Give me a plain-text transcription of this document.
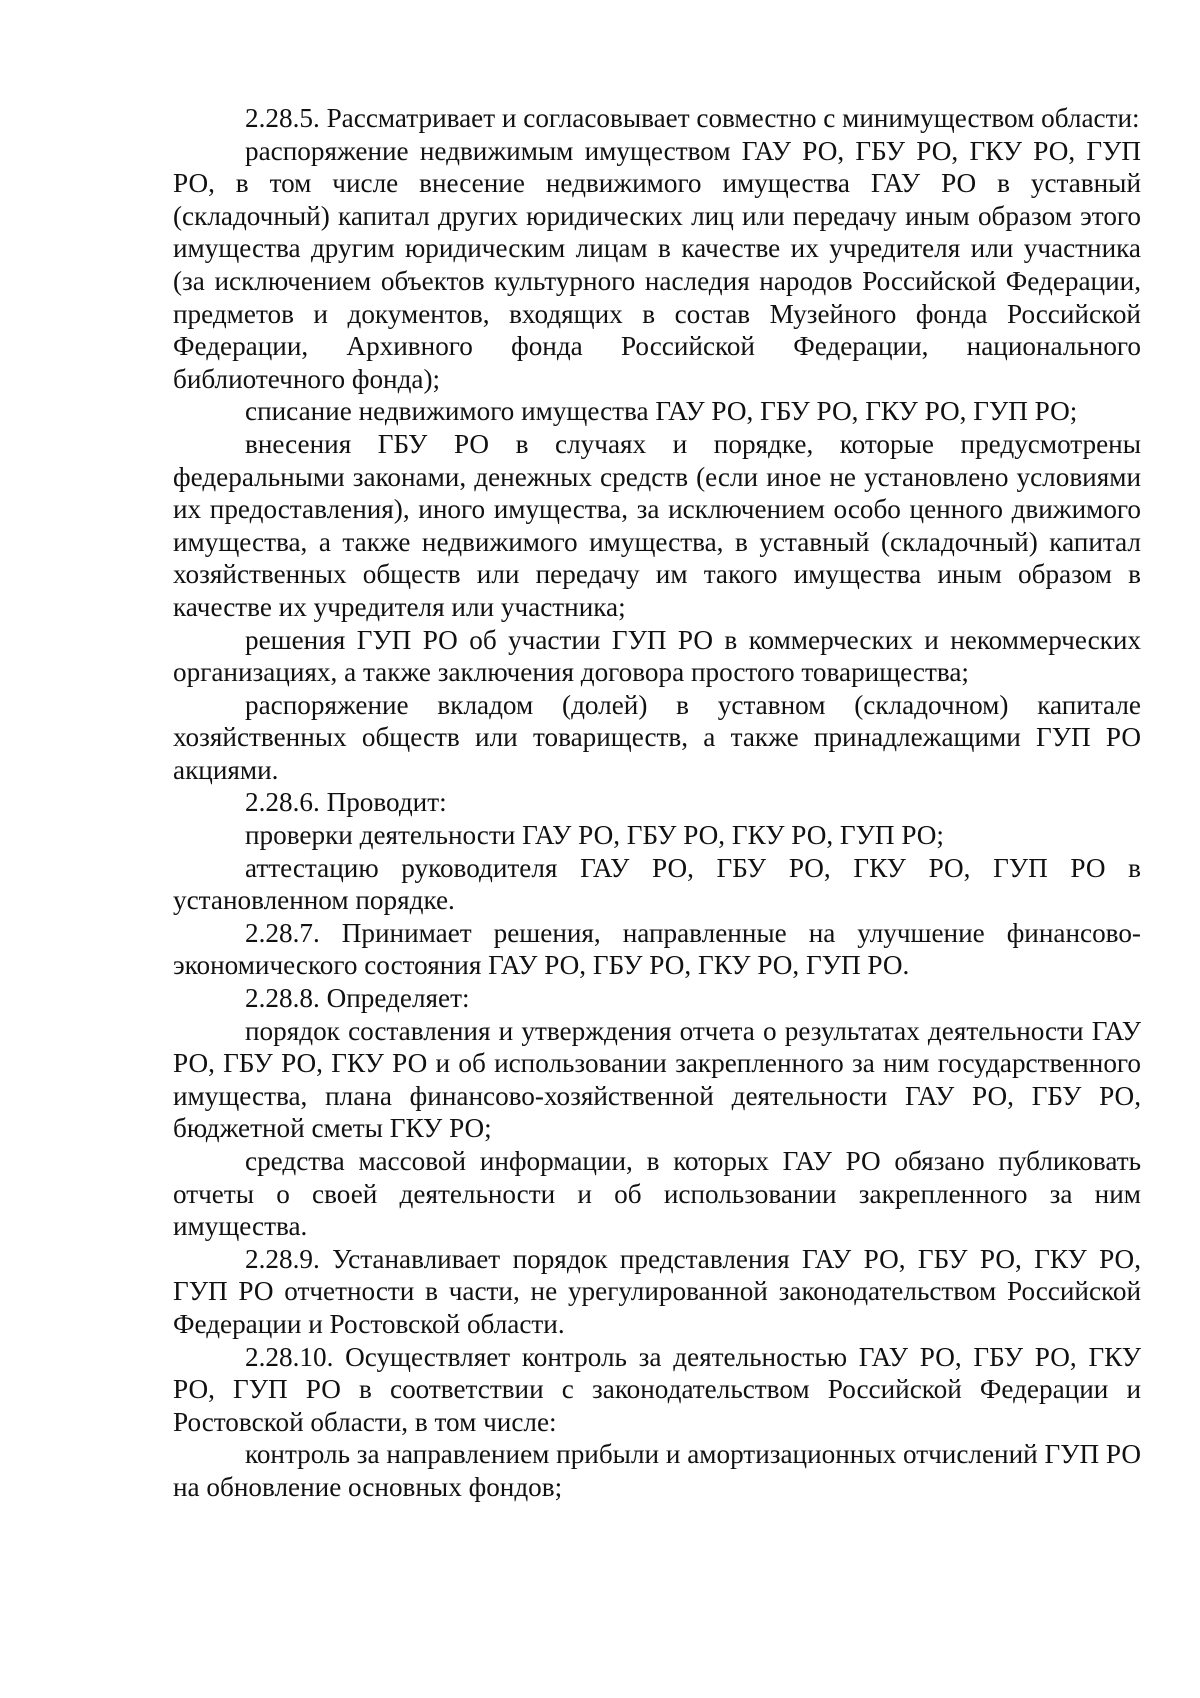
2.28.5. Рассматривает и согласовывает совместно с минимуществом области:

распоряжение недвижимым имуществом ГАУ РО, ГБУ РО, ГКУ РО, ГУП РО, в том числе внесение недвижимого имущества ГАУ РО в уставный (складочный) капитал других юридических лиц или передачу иным образом этого имущества другим юридическим лицам в качестве их учредителя или участника (за исключением объектов культурного наследия народов Российской Федерации, предметов и документов, входящих в состав Музейного фонда Российской Федерации, Архивного фонда Российской Федерации, национального библиотечного фонда);

списание недвижимого имущества ГАУ РО, ГБУ РО, ГКУ РО, ГУП РО;

внесения ГБУ РО в случаях и порядке, которые предусмотрены федеральными законами, денежных средств (если иное не установлено условиями их предоставления), иного имущества, за исключением особо ценного движимого имущества, а также недвижимого имущества, в уставный (складочный) капитал хозяйственных обществ или передачу им такого имущества иным образом в качестве их учредителя или участника;

решения ГУП РО об участии ГУП РО в коммерческих и некоммерческих организациях, а также заключения договора простого товарищества;

распоряжение вкладом (долей) в уставном (складочном) капитале хозяйственных обществ или товариществ, а также принадлежащими ГУП РО акциями.

2.28.6. Проводит:

проверки деятельности ГАУ РО, ГБУ РО, ГКУ РО, ГУП РО;

аттестацию руководителя ГАУ РО, ГБУ РО, ГКУ РО, ГУП РО в установленном порядке.

2.28.7. Принимает решения, направленные на улучшение финансово-экономического состояния ГАУ РО, ГБУ РО, ГКУ РО, ГУП РО.

2.28.8. Определяет:

порядок составления и утверждения отчета о результатах деятельности ГАУ РО, ГБУ РО, ГКУ РО и об использовании закрепленного за ним государственного имущества, плана финансово-хозяйственной деятельности ГАУ РО, ГБУ РО, бюджетной сметы ГКУ РО;

средства массовой информации, в которых ГАУ РО обязано публиковать отчеты о своей деятельности и об использовании закрепленного за ним имущества.

2.28.9. Устанавливает порядок представления ГАУ РО, ГБУ РО, ГКУ РО, ГУП РО отчетности в части, не урегулированной законодательством Российской Федерации и Ростовской области.

2.28.10. Осуществляет контроль за деятельностью ГАУ РО, ГБУ РО, ГКУ РО, ГУП РО в соответствии с законодательством Российской Федерации и Ростовской области, в том числе:

контроль за направлением прибыли и амортизационных отчислений ГУП РО на обновление основных фондов;
